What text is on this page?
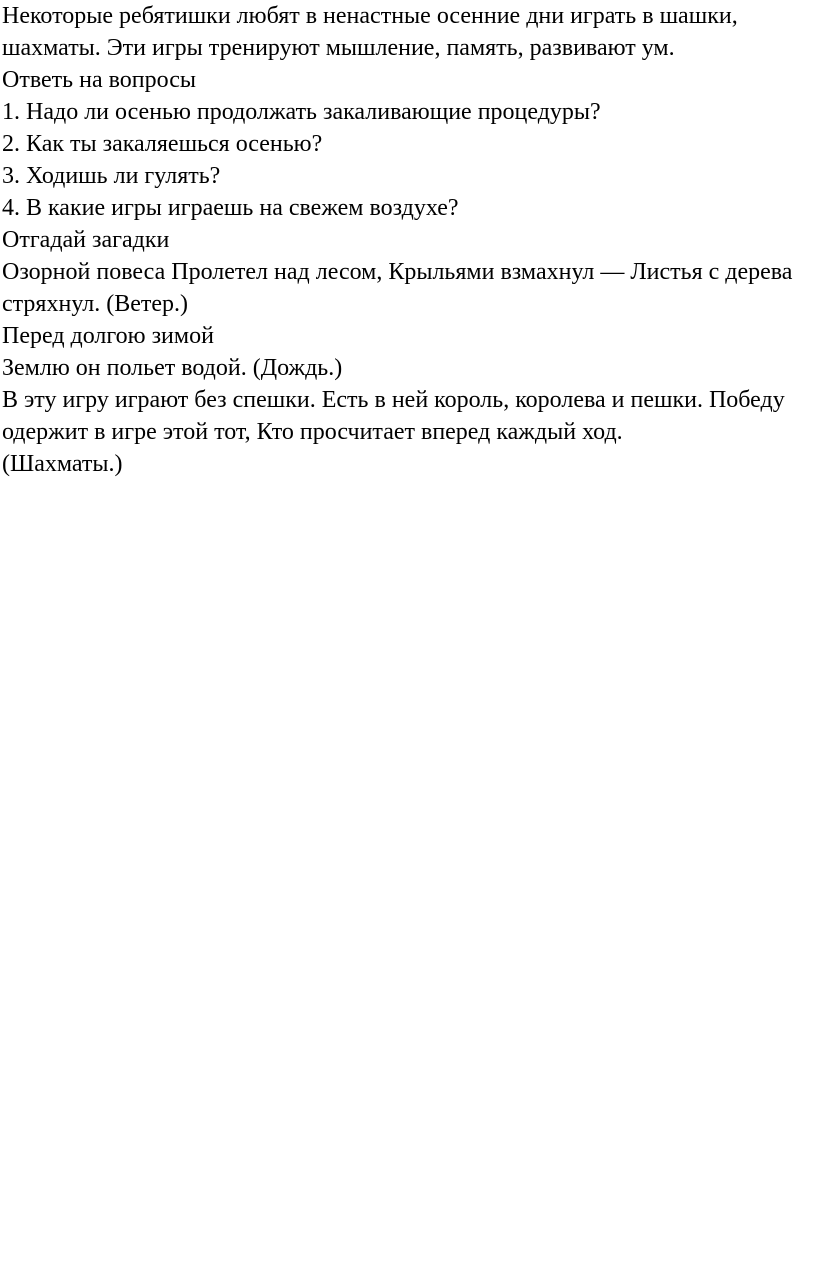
Некоторые ребятишки любят в ненастные осенние дни играть в шашки, шахматы. Эти игры тренируют мышление, память, развивают ум.

Ответь на вопросы

1. Надо ли осенью продолжать закаливающие процедуры?

2. Как ты закаляешься осенью?

3. Ходишь ли гулять?

4. В какие игры играешь на свежем воздухе?

Отгадай загадки

Озорной повеса Пролетел над лесом, Крыльями взмахнул — Листья с дерева стряхнул. (Ветер.)

Перед долгою зимой

Землю он польет водой. (Дождь.)

В эту игру играют без спешки. Есть в ней король, королева и пешки. Победу одержит в игре этой тот, Кто просчитает вперед каждый ход.

(Шахматы.)
